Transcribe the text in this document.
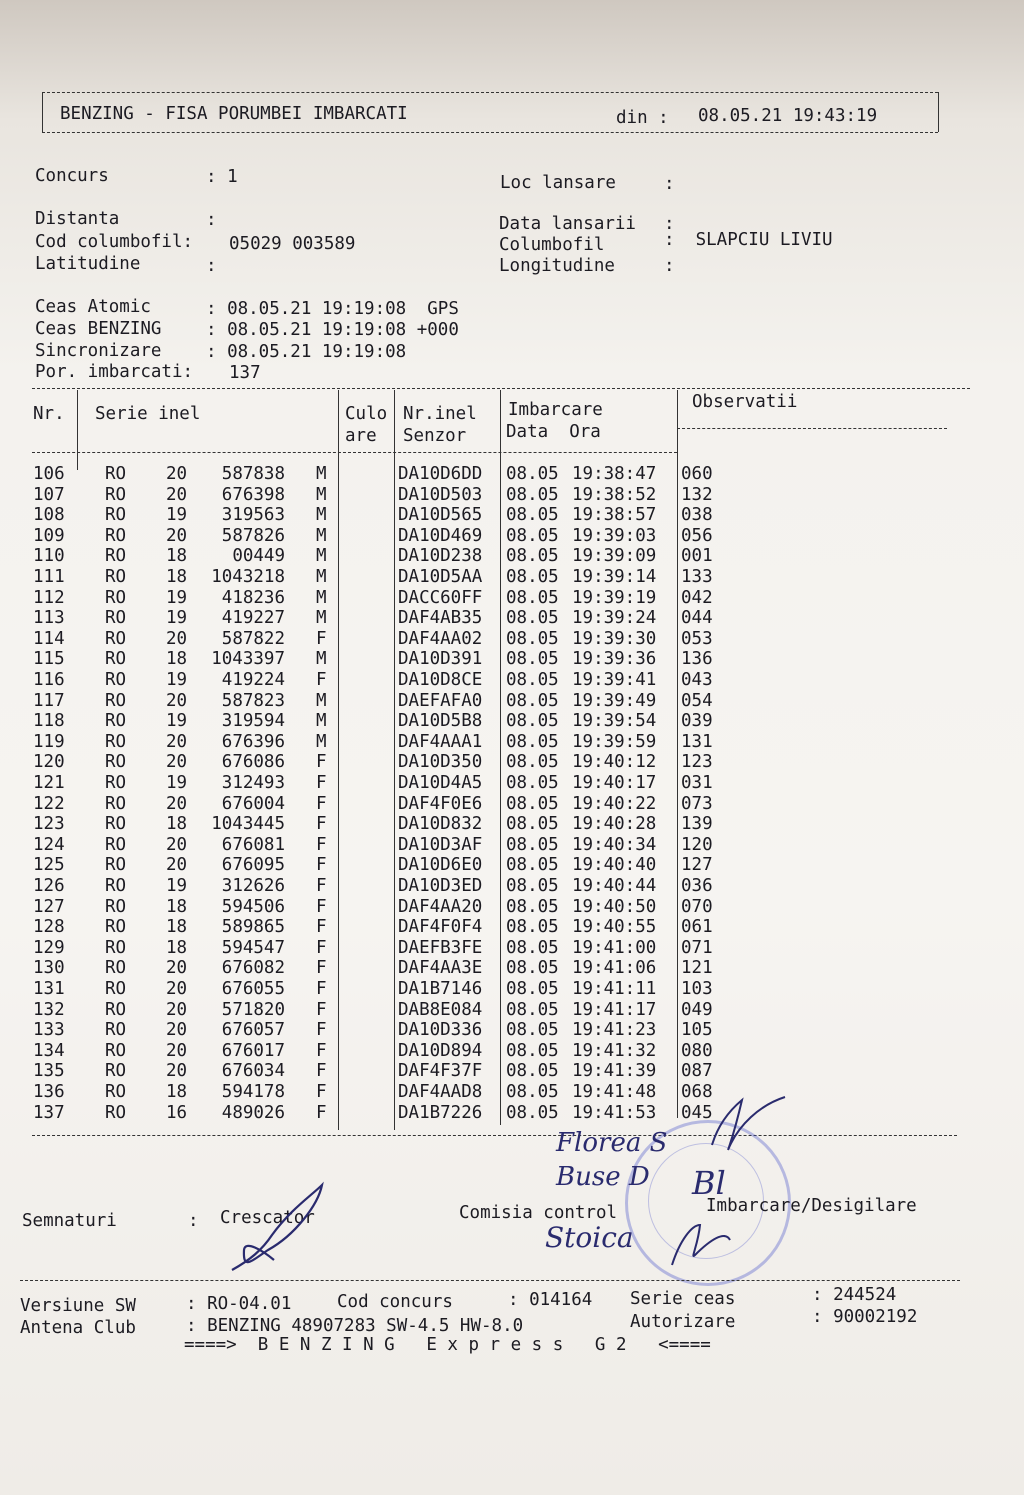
BENZING - FISA PORUMBEI IMBARCATI	din : 08.05.21 19:43:19
Concurs	: 1	Loc lansare	:
Distanta	:	Data lansarii :
Cod columbofil: 05029 003589	Columbofil	:  SLAPCIU LIVIU
Latitudine	:	Longitudine	:
Ceas Atomic	: 08.05.21 19:19:08  GPS
Ceas BENZING	: 08.05.21 19:19:08 +000
Sincronizare	: 08.05.21 19:19:08
Por. imbarcati: 137
Nr. Serie inel	Culo
are
Nr.inel
Senzor
Imbarcare
Data  Ora
Observatii
106 RO 20	587838 M	DA10D6DD 08.05 19:38:47 060
107 RO 20	676398 M	DA10D503 08.05 19:38:52 132
108 RO 19	319563 M	DA10D565 08.05 19:38:57 038
109 RO 20	587826 M	DA10D469 08.05 19:39:03 056
110 RO 18	00449 M	DA10D238 08.05 19:39:09 001
111 RO 18	1043218 M	DA10D5AA 08.05 19:39:14 133
112 RO 19	418236 M	DACC60FF 08.05 19:39:19 042
113 RO 19	419227 M	DAF4AB35 08.05 19:39:24 044
114 RO 20	587822 F	DAF4AA02 08.05 19:39:30 053
115 RO 18	1043397 M	DA10D391 08.05 19:39:36 136
116 RO 19	419224 F	DA10D8CE 08.05 19:39:41 043
117 RO 20	587823 M	DAEFAFA0 08.05 19:39:49 054
118 RO 19	319594 M	DA10D5B8 08.05 19:39:54 039
119 RO 20	676396 M	DAF4AAA1 08.05 19:39:59 131
120 RO 20	676086 F	DA10D350 08.05 19:40:12 123
121 RO 19	312493 F	DA10D4A5 08.05 19:40:17 031
122 RO 20	676004 F	DAF4F0E6 08.05 19:40:22 073
123 RO 18	1043445 F	DA10D832 08.05 19:40:28 139
124 RO 20	676081 F	DA10D3AF 08.05 19:40:34 120
125 RO 20	676095 F	DA10D6E0 08.05 19:40:40 127
126 RO 19	312626 F	DA10D3ED 08.05 19:40:44 036
127 RO 18	594506 F	DAF4AA20 08.05 19:40:50 070
128 RO 18	589865 F	DAF4F0F4 08.05 19:40:55 061
129 RO 18	594547 F	DAEFB3FE 08.05 19:41:00 071
130 RO 20	676082 F	DAF4AA3E 08.05 19:41:06 121
131 RO 20	676055 F	DA1B7146 08.05 19:41:11 103
132 RO 20	571820 F	DAB8E084 08.05 19:41:17 049
133 RO 20	676057 F	DA10D336 08.05 19:41:23 105
134 RO 20	676017 F	DA10D894 08.05 19:41:32 080
135 RO 20	676034 F	DAF4F37F 08.05 19:41:39 087
136 RO 18	594178 F	DAF4AAD8 08.05 19:41:48 068
137 RO 16	489026 F	DA1B7226 08.05 19:41:53 045
Semnaturi	: Crescator	Comisia control	Imbarcare/Desigilare
Florea S
Buse D
Stoica
Bl
Versiune SW	: RO-04.01	Cod concurs	: 014164 Serie ceas	: 244524
Antena Club	: BENZING 48907283 SW-4.5 HW-8.0	Autorizare	: 90002192
====>  B E N Z I N G   E x p r e s s   G 2   <====
